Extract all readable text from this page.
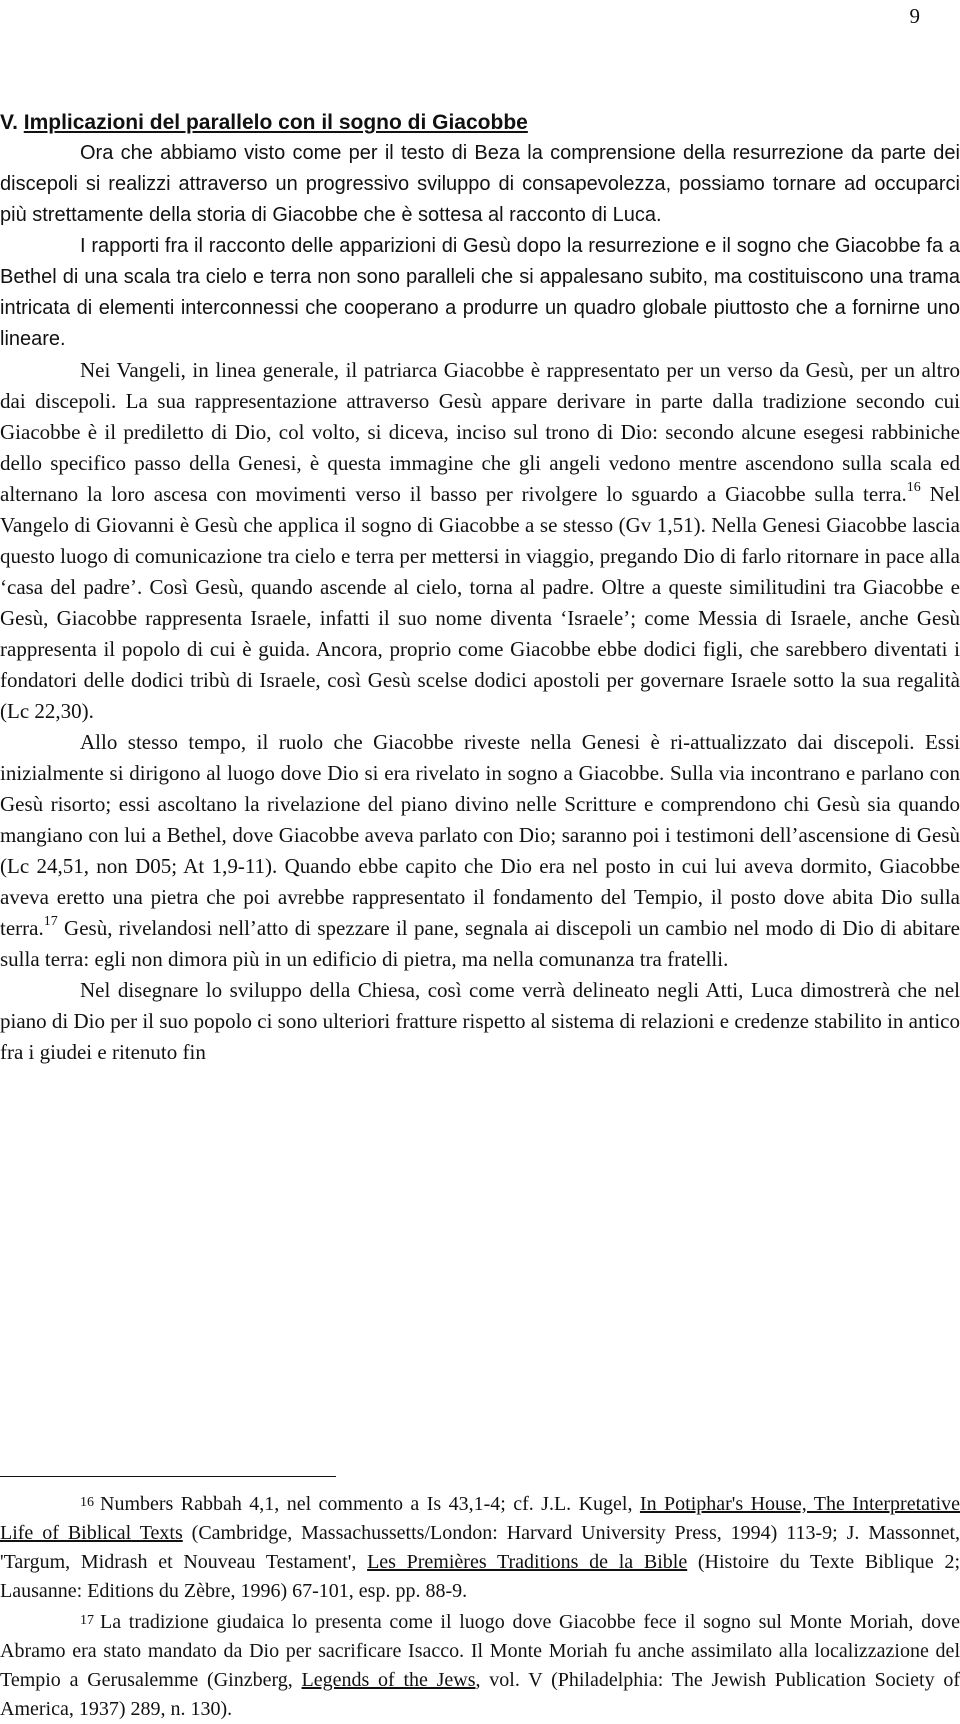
9
V. Implicazioni del parallelo con il sogno di Giacobbe

Ora che abbiamo visto come per il testo di Beza la comprensione della resurrezione da parte dei discepoli si realizzi attraverso un progressivo sviluppo di consapevolezza, possiamo tornare ad occuparci più strettamente della storia di Giacobbe che è sottesa al racconto di Luca.

I rapporti fra il racconto delle apparizioni di Gesù dopo la resurrezione e il sogno che Giacobbe fa a Bethel di una scala tra cielo e terra non sono paralleli che si appalesano subito, ma costituiscono una trama intricata di elementi interconnessi che cooperano a produrre un quadro globale piuttosto che a fornirne uno lineare.

Nei Vangeli, in linea generale, il patriarca Giacobbe è rappresentato per un verso da Gesù, per un altro dai discepoli. La sua rappresentazione attraverso Gesù appare derivare in parte dalla tradizione secondo cui Giacobbe è il prediletto di Dio, col volto, si diceva, inciso sul trono di Dio: secondo alcune esegesi rabbiniche dello specifico passo della Genesi, è questa immagine che gli angeli vedono mentre ascendono sulla scala ed alternano la loro ascesa con movimenti verso il basso per rivolgere lo sguardo a Giacobbe sulla terra.$^{16}$ Nel Vangelo di Giovanni è Gesù che applica il sogno di Giacobbe a se stesso (Gv 1,51). Nella Genesi Giacobbe lascia questo luogo di comunicazione tra cielo e terra per mettersi in viaggio, pregando Dio di farlo ritornare in pace alla ‘casa del padre’. Così Gesù, quando ascende al cielo, torna al padre. Oltre a queste similitudini tra Giacobbe e Gesù, Giacobbe rappresenta Israele, infatti il suo nome diventa ‘Israele’; come Messia di Israele, anche Gesù rappresenta il popolo di cui è guida. Ancora, proprio come Giacobbe ebbe dodici figli, che sarebbero diventati i fondatori delle dodici tribù di Israele, così Gesù scelse dodici apostoli per governare Israele sotto la sua regalità (Lc 22,30).

Allo stesso tempo, il ruolo che Giacobbe riveste nella Genesi è ri-attualizzato dai discepoli. Essi inizialmente si dirigono al luogo dove Dio si era rivelato in sogno a Giacobbe. Sulla via incontrano e parlano con Gesù risorto; essi ascoltano la rivelazione del piano divino nelle Scritture e comprendono chi Gesù sia quando mangiano con lui a Bethel, dove Giacobbe aveva parlato con Dio; saranno poi i testimoni dell’ascensione di Gesù (Lc 24,51, non D05; At 1,9-11). Quando ebbe capito che Dio era nel posto in cui lui aveva dormito, Giacobbe aveva eretto una pietra che poi avrebbe rappresentato il fondamento del Tempio, il posto dove abita Dio sulla terra.$^{17}$ Gesù, rivelandosi nell’atto di spezzare il pane, segnala ai discepoli un cambio nel modo di Dio di abitare sulla terra: egli non dimora più in un edificio di pietra, ma nella comunanza tra fratelli.

Nel disegnare lo sviluppo della Chiesa, così come verrà delineato negli Atti, Luca dimostrerà che nel piano di Dio per il suo popolo ci sono ulteriori fratture rispetto al sistema di relazioni e credenze stabilito in antico fra i giudei e ritenuto fin

$^{16}$ Numbers Rabbah 4,1, nel commento a Is 43,1-4; cf. J.L. Kugel, In Potiphar's House, The Interpretative Life of Biblical Texts (Cambridge, Massachussetts/London: Harvard University Press, 1994) 113-9; J. Massonnet, 'Targum, Midrash et Nouveau Testament', Les Premières Traditions de la Bible (Histoire du Texte Biblique 2; Lausanne: Editions du Zèbre, 1996) 67-101, esp. pp. 88-9.

$^{17}$ La tradizione giudaica lo presenta come il luogo dove Giacobbe fece il sogno sul Monte Moriah, dove Abramo era stato mandato da Dio per sacrificare Isacco. Il Monte Moriah fu anche assimilato alla localizzazione del Tempio a Gerusalemme (Ginzberg, Legends of the Jews, vol. V (Philadelphia: The Jewish Publication Society of America, 1937) 289, n. 130).
